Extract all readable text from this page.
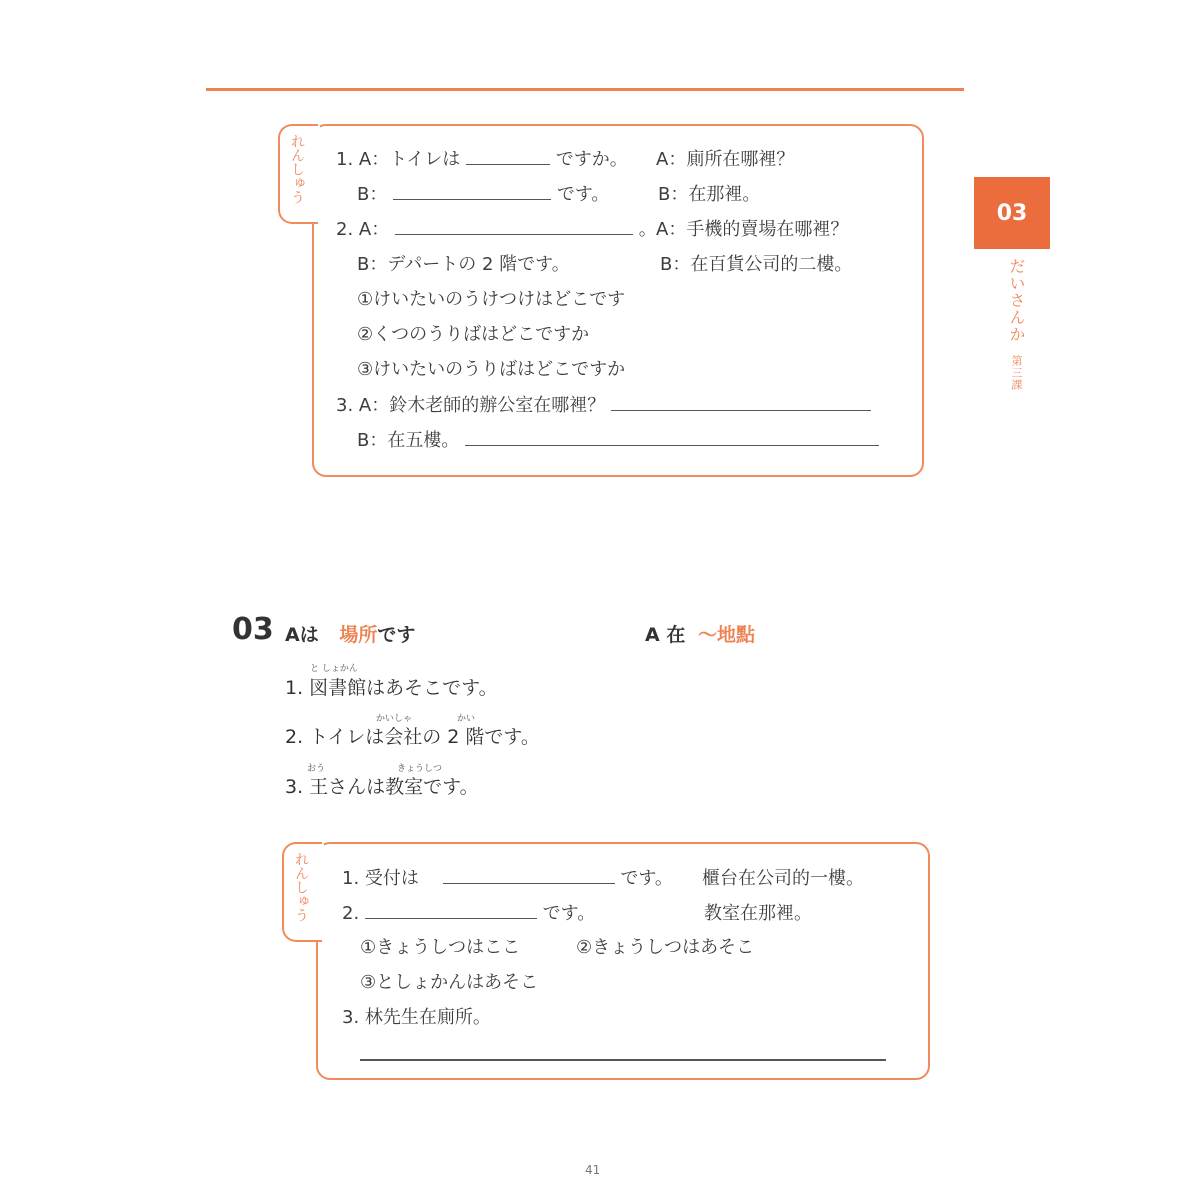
03
だいさんか 第三課
れんしゅう 1. A：トイレは	ですか。 A：廁所在哪裡？
B：	です。	B：在那裡。
2. A：	。 A：手機的賣場在哪裡？
B：デパートの 2 階です。	B：在百貨公司的二樓。
①けいたいのうけつけはどこです
②くつのうりばはどこですか
③けいたいのうりばはどこですか
3. A：鈴木老師的辦公室在哪裡？
B：在五樓。
03 Aは 場所です	A 在 ～地點
と しょかん
1. 図書館はあそこです。
かいしゃ	かい
2. トイレは会社の 2 階です。
おう	きょうしつ
3. 王さんは教室です。
れんしゅう 1. 受付は	です。 櫃台在公司的一樓。
2.	です。	教室在那裡。
①きょうしつはここ	②きょうしつはあそこ
③としょかんはあそこ
3. 林先生在廁所。
41
